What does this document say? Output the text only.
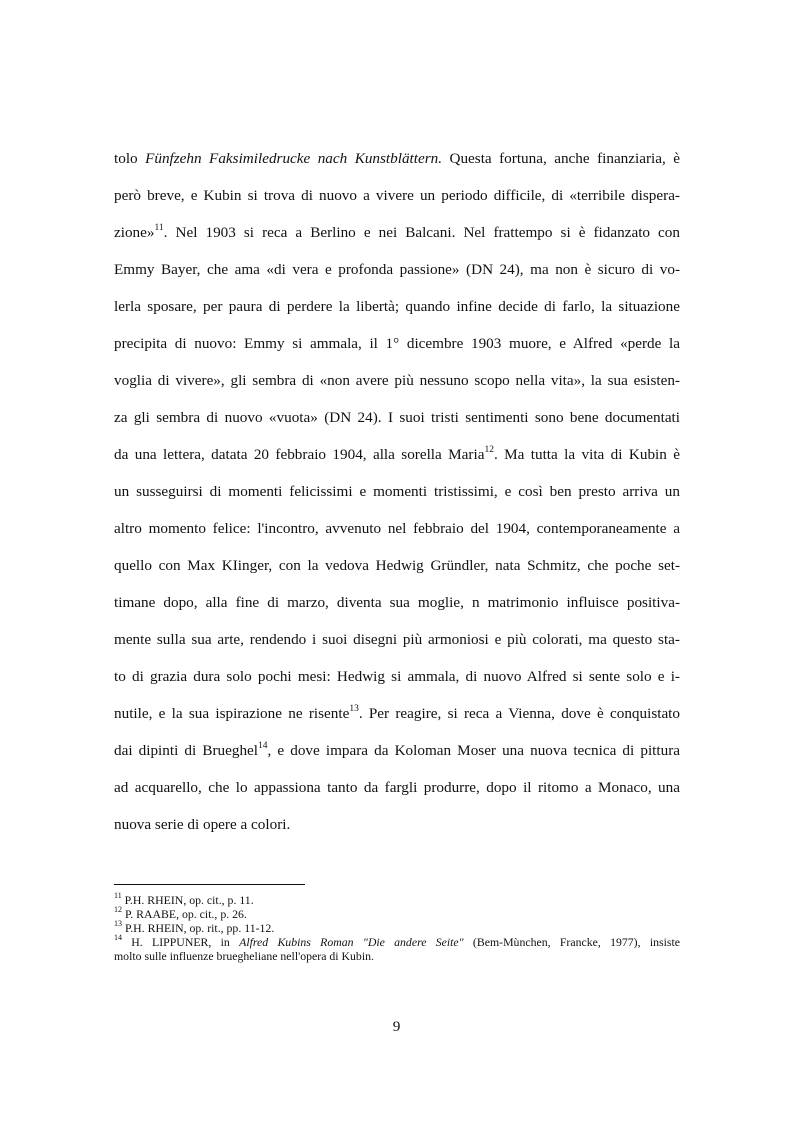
tolo Fünfzehn Faksimiledrucke nach Kunstblättern. Questa fortuna, anche finanziaria, è
però breve, e Kubin si trova di nuovo a vivere un periodo difficile, di «terribile dispera-
zione»$^{11}$. Nel 1903 si reca a Berlino e nei Balcani. Nel frattempo si è fidanzato con
Emmy Bayer, che ama «di vera e profonda passione» (DN 24), ma non è sicuro di vo-
lerla sposare, per paura di perdere la libertà; quando infine decide di farlo, la situazione
precipita di nuovo: Emmy si ammala, il 1° dicembre 1903 muore, e Alfred «perde la
voglia di vivere», gli sembra di «non avere più nessuno scopo nella vita», la sua esisten-
za gli sembra di nuovo «vuota» (DN 24). I suoi tristi sentimenti sono bene documentati
da una lettera, datata 20 febbraio 1904, alla sorella Maria$^{12}$. Ma tutta la vita di Kubin è
un susseguirsi di momenti felicissimi e momenti tristissimi, e così ben presto arriva un
altro momento felice: l'incontro, avvenuto nel febbraio del 1904, contemporaneamente a
quello con Max KIinger, con la vedova Hedwig Gründler, nata Schmitz, che poche set-
timane dopo, alla fine di marzo, diventa sua moglie, n matrimonio influisce positiva-
mente sulla sua arte, rendendo i suoi disegni più armoniosi e più colorati, ma questo sta-
to di grazia dura solo pochi mesi: Hedwig si ammala, di nuovo Alfred si sente solo e i-
nutile, e la sua ispirazione ne risente$^{13}$. Per reagire, si reca a Vienna, dove è conquistato
dai dipinti di Brueghel$^{14}$, e dove impara da Koloman Moser una nuova tecnica di pittura
ad acquarello, che lo appassiona tanto da fargli produrre, dopo il ritomo a Monaco, una
nuova serie di opere a colori.
$^{11}$ P.H. RHEIN, op. cit., p. 11.
$^{12}$ P. RAABE, op. cit., p. 26.
$^{13}$ P.H. RHEIN, op. rit., pp. 11-12.
$^{14}$ H. LIPPUNER, in Alfred Kubins Roman "Die andere Seite" (Bem-Mùnchen, Francke, 1977), insiste
molto sulle influenze bruegheliane nell'opera di Kubin.
9
